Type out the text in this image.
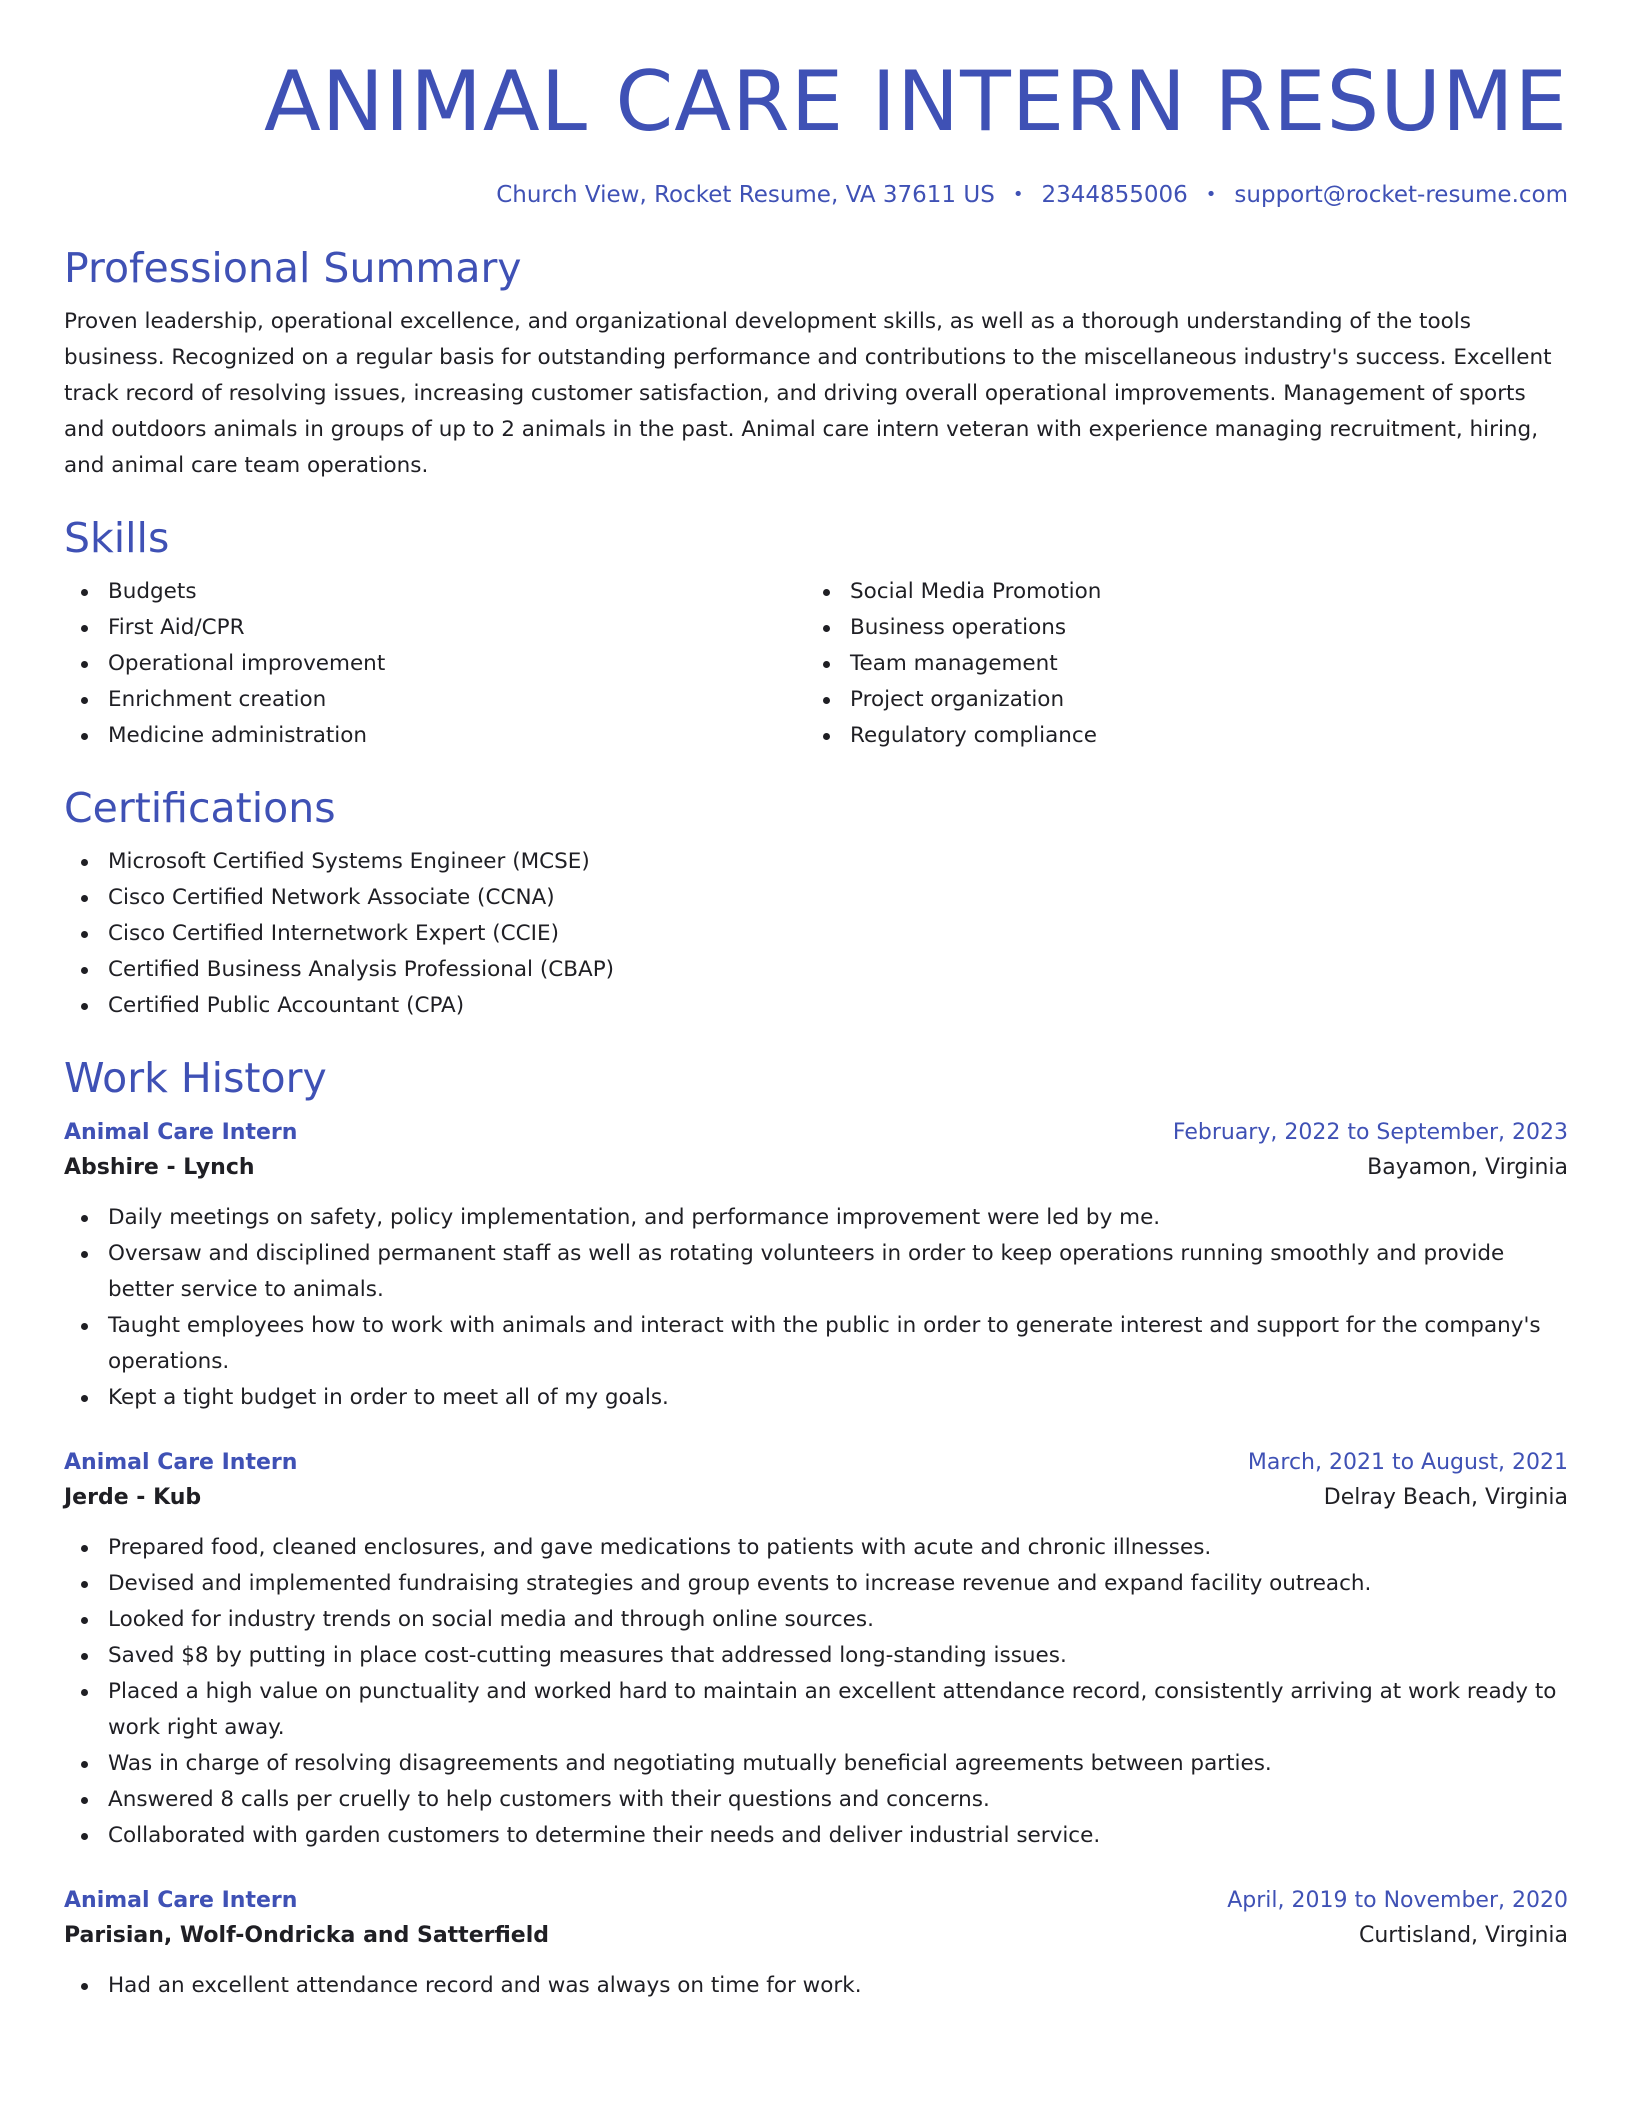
ANIMAL CARE INTERN RESUME
Church View, Rocket Resume, VA 37611 US • 2344855006 • support@rocket-resume.com
Professional Summary

Proven leadership, operational excellence, and organizational development skills, as well as a thorough understanding of the tools business. Recognized on a regular basis for outstanding performance and contributions to the miscellaneous industry's success. Excellent track record of resolving issues, increasing customer satisfaction, and driving overall operational improvements. Management of sports and outdoors animals in groups of up to 2 animals in the past. Animal care intern veteran with experience managing recruitment, hiring, and animal care team operations.

Skills
Budgets
First Aid/CPR
Operational improvement
Enrichment creation
Medicine administration
Social Media Promotion
Business operations
Team management
Project organization
Regulatory compliance
Certifications
Microsoft Certified Systems Engineer (MCSE)
Cisco Certified Network Associate (CCNA)
Cisco Certified Internetwork Expert (CCIE)
Certified Business Analysis Professional (CBAP)
Certified Public Accountant (CPA)
Work History
Animal Care Intern	February, 2022 to September, 2023
Abshire - Lynch	Bayamon, Virginia
Daily meetings on safety, policy implementation, and performance improvement were led by me.
Oversaw and disciplined permanent staff as well as rotating volunteers in order to keep operations running smoothly and provide better service to animals.
Taught employees how to work with animals and interact with the public in order to generate interest and support for the company's operations.
Kept a tight budget in order to meet all of my goals.
Animal Care Intern	March, 2021 to August, 2021
Jerde - Kub	Delray Beach, Virginia
Prepared food, cleaned enclosures, and gave medications to patients with acute and chronic illnesses.
Devised and implemented fundraising strategies and group events to increase revenue and expand facility outreach.
Looked for industry trends on social media and through online sources.
Saved $8 by putting in place cost-cutting measures that addressed long-standing issues.
Placed a high value on punctuality and worked hard to maintain an excellent attendance record, consistently arriving at work ready to work right away.
Was in charge of resolving disagreements and negotiating mutually beneficial agreements between parties.
Answered 8 calls per cruelly to help customers with their questions and concerns.
Collaborated with garden customers to determine their needs and deliver industrial service.
Animal Care Intern	April, 2019 to November, 2020
Parisian, Wolf-Ondricka and Satterfield	Curtisland, Virginia
Had an excellent attendance record and was always on time for work.
